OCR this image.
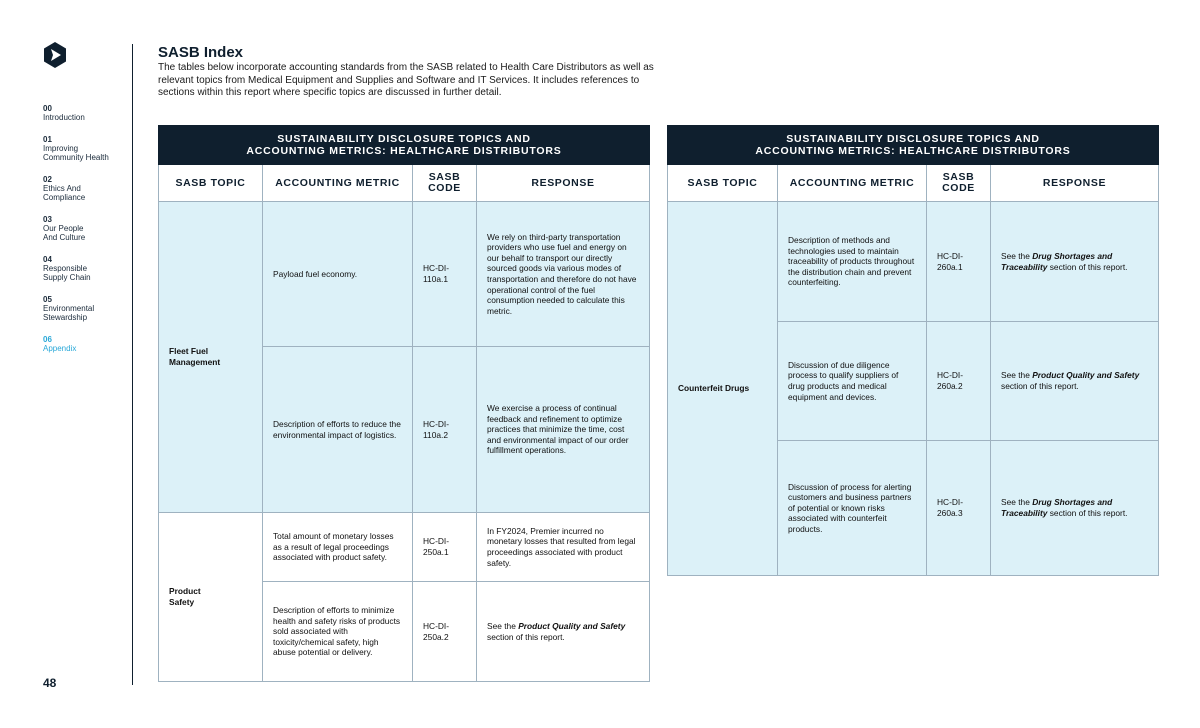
00
Introduction
01
Improving
Community Health
02
Ethics And
Compliance
03
Our People
And Culture
04
Responsible
Supply Chain
05
Environmental
Stewardship
06
Appendix
48
SASB Index
The tables below incorporate accounting standards from the SASB related to Health Care Distributors as well as relevant topics from Medical Equipment and Supplies and Software and IT Services. It includes references to sections within this report where specific topics are discussed in further detail.
SUSTAINABILITY DISCLOSURE TOPICS AND
ACCOUNTING METRICS: HEALTHCARE DISTRIBUTORS			
SASB TOPIC	ACCOUNTING METRIC	SASB
CODE	RESPONSE
Fleet Fuel
Management	Payload fuel economy.	HC-DI-
110a.1	We rely on third-party transportation providers who use fuel and energy on our behalf to transport our directly sourced goods via various modes of transportation and therefore do not have operational control of the fuel consumption needed to calculate this metric.
	Description of efforts to reduce the environmental impact of logistics.	HC-DI-
110a.2	We exercise a process of continual feedback and refinement to optimize practices that minimize the time, cost and environmental impact of our order fulfillment operations.
Product
Safety	Total amount of monetary losses as a result of legal proceedings associated with product safety.	HC-DI-
250a.1	In FY2024, Premier incurred no monetary losses that resulted from legal proceedings associated with product safety.
	Description of efforts to minimize health and safety risks of products sold associated with toxicity/chemical safety, high abuse potential or delivery.	HC-DI-
250a.2	See the Product Quality and Safety section of this report.
SUSTAINABILITY DISCLOSURE TOPICS AND
ACCOUNTING METRICS: HEALTHCARE DISTRIBUTORS			
SASB TOPIC	ACCOUNTING METRIC	SASB
CODE	RESPONSE
Counterfeit Drugs	Description of methods and technologies used to maintain traceability of products throughout the distribution chain and prevent counterfeiting.	HC-DI-
260a.1	See the Drug Shortages and Traceability section of this report.
	Discussion of due diligence process to qualify suppliers of drug products and medical equipment and devices.	HC-DI-
260a.2	See the Product Quality and Safety section of this report.
	Discussion of process for alerting customers and business partners of potential or known risks associated with counterfeit products.	HC-DI-
260a.3	See the Drug Shortages and Traceability section of this report.
